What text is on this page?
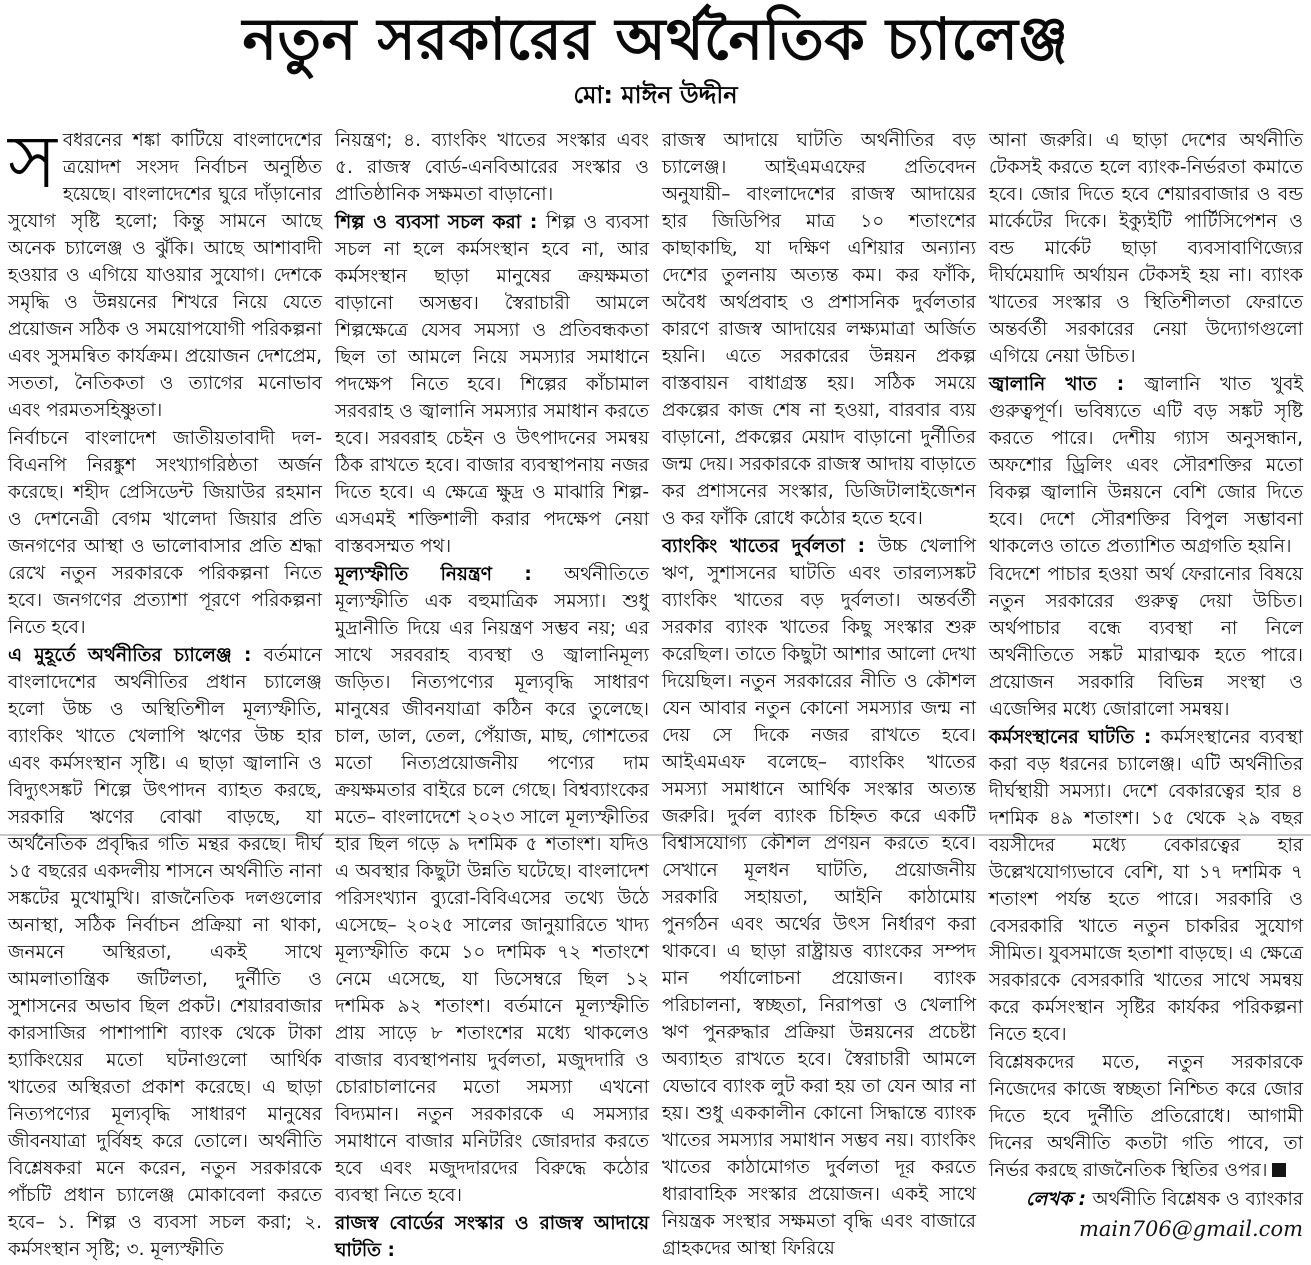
নতুন সরকারের অর্থনৈতিক চ্যালেঞ্জ
মো: মাঈন উদ্দীন

সবধরনের শঙ্কা কাটিয়ে বাংলাদেশের ত্রয়োদশ সংসদ নির্বাচন অনুষ্ঠিত হয়েছে। বাংলাদেশের ঘুরে দাঁড়ানোর সুযোগ সৃষ্টি হলো; কিন্তু সামনে আছে অনেক চ্যালেঞ্জ ও ঝুঁকি। আছে আশাবাদী হওয়ার ও এগিয়ে যাওয়ার সুযোগ। দেশকে সমৃদ্ধি ও উন্নয়নের শিখরে নিয়ে যেতে প্রয়োজন সঠিক ও সময়োপযোগী পরিকল্পনা এবং সুসমন্বিত কার্যক্রম। প্রয়োজন দেশপ্রেম, সততা, নৈতিকতা ও ত্যাগের মনোভাব এবং পরমতসহিষ্ণুতা।

নির্বাচনে বাংলাদেশ জাতীয়তাবাদী দল-বিএনপি নিরঙ্কুশ সংখ্যাগরিষ্ঠতা অর্জন করেছে। শহীদ প্রেসিডেন্ট জিয়াউর রহমান ও দেশনেত্রী বেগম খালেদা জিয়ার প্রতি জনগণের আস্থা ও ভালোবাসার প্রতি শ্রদ্ধা রেখে নতুন সরকারকে পরিকল্পনা নিতে হবে। জনগণের প্রত্যাশা পূরণে পরিকল্পনা নিতে হবে।

এ মুহূর্তে অর্থনীতির চ্যালেঞ্জ : বর্তমানে বাংলাদেশের অর্থনীতির প্রধান চ্যালেঞ্জ হলো উচ্চ ও অস্থিতিশীল মূল্যস্ফীতি, ব্যাংকিং খাতে খেলাপি ঋণের উচ্চ হার এবং কর্মসংস্থান সৃষ্টি। এ ছাড়া জ্বালানি ও বিদ্যুৎসঙ্কট শিল্পে উৎপাদন ব্যাহত করছে, সরকারি ঋণের বোঝা বাড়ছে, যা অর্থনৈতিক প্রবৃদ্ধির গতি মন্থর করছে। দীর্ঘ ১৫ বছরের একদলীয় শাসনে অর্থনীতি নানা সঙ্কটের মুখোমুখি। রাজনৈতিক দলগুলোর অনাস্থা, সঠিক নির্বাচন প্রক্রিয়া না থাকা, জনমনে অস্থিরতা, একই সাথে আমলাতান্ত্রিক জটিলতা, দুর্নীতি ও সুশাসনের অভাব ছিল প্রকট। শেয়ারবাজার কারসাজির পাশাপাশি ব্যাংক থেকে টাকা হ্যাকিংয়ের মতো ঘটনাগুলো আর্থিক খাতের অস্থিরতা প্রকাশ করেছে। এ ছাড়া নিত্যপণ্যের মূল্যবৃদ্ধি সাধারণ মানুষের জীবনযাত্রা দুর্বিষহ করে তোলে। অর্থনীতি বিশ্লেষকরা মনে করেন, নতুন সরকারকে পাঁচটি প্রধান চ্যালেঞ্জ মোকাবেলা করতে হবে– ১. শিল্প ও ব্যবসা সচল করা; ২. কর্মসংস্থান সৃষ্টি; ৩. মূল্যস্ফীতি

নিয়ন্ত্রণ; ৪. ব্যাংকিং খাতের সংস্কার এবং ৫. রাজস্ব বোর্ড-এনবিআরের সংস্কার ও প্রাতিষ্ঠানিক সক্ষমতা বাড়ানো।

শিল্প ও ব্যবসা সচল করা : শিল্প ও ব্যবসা সচল না হলে কর্মসংস্থান হবে না, আর কর্মসংস্থান ছাড়া মানুষের ক্রয়ক্ষমতা বাড়ানো অসম্ভব। স্বৈরাচারী আমলে শিল্পক্ষেত্রে যেসব সমস্যা ও প্রতিবন্ধকতা ছিল তা আমলে নিয়ে সমস্যার সমাধানে পদক্ষেপ নিতে হবে। শিল্পের কাঁচামাল সরবরাহ ও জ্বালানি সমস্যার সমাধান করতে হবে। সরবরাহ চেইন ও উৎপাদনের সমন্বয় ঠিক রাখতে হবে। বাজার ব্যবস্থাপনায় নজর দিতে হবে। এ ক্ষেত্রে ক্ষুদ্র ও মাঝারি শিল্প-এসএমই শক্তিশালী করার পদক্ষেপ নেয়া বাস্তবসম্মত পথ।

মূল্যস্ফীতি নিয়ন্ত্রণ : অর্থনীতিতে মূল্যস্ফীতি এক বহুমাত্রিক সমস্যা। শুধু মুদ্রানীতি দিয়ে এর নিয়ন্ত্রণ সম্ভব নয়; এর সাথে সরবরাহ ব্যবস্থা ও জ্বালানিমূল্য জড়িত। নিত্যপণ্যের মূল্যবৃদ্ধি সাধারণ মানুষের জীবনযাত্রা কঠিন করে তুলেছে। চাল, ডাল, তেল, পেঁয়াজ, মাছ, গোশতের মতো নিত্যপ্রয়োজনীয় পণ্যের দাম ক্রয়ক্ষমতার বাইরে চলে গেছে। বিশ্বব্যাংকের মতে– বাংলাদেশে ২০২৩ সালে মূল্যস্ফীতির হার ছিল গড়ে ৯ দশমিক ৫ শতাংশ। যদিও এ অবস্থার কিছুটা উন্নতি ঘটেছে। বাংলাদেশ পরিসংখ্যান ব্যুরো-বিবিএসের তথ্যে উঠে এসেছে– ২০২৫ সালের জানুয়ারিতে খাদ্য মূল্যস্ফীতি কমে ১০ দশমিক ৭২ শতাংশে নেমে এসেছে, যা ডিসেম্বরে ছিল ১২ দশমিক ৯২ শতাংশ। বর্তমানে মূল্যস্ফীতি প্রায় সাড়ে ৮ শতাংশের মধ্যে থাকলেও বাজার ব্যবস্থাপনায় দুর্বলতা, মজুদদারি ও চোরাচালানের মতো সমস্যা এখনো বিদ্যমান। নতুন সরকারকে এ সমস্যার সমাধানে বাজার মনিটরিং জোরদার করতে হবে এবং মজুদদারদের বিরুদ্ধে কঠোর ব্যবস্থা নিতে হবে।

রাজস্ব বোর্ডের সংস্কার ও রাজস্ব আদায়ে ঘাটতি :

রাজস্ব আদায়ে ঘাটতি অর্থনীতির বড় চ্যালেঞ্জ। আইএমএফের প্রতিবেদন অনুযায়ী– বাংলাদেশের রাজস্ব আদায়ের হার জিডিপির মাত্র ১০ শতাংশের কাছাকাছি, যা দক্ষিণ এশিয়ার অন্যান্য দেশের তুলনায় অত্যন্ত কম। কর ফাঁকি, অবৈধ অর্থপ্রবাহ ও প্রশাসনিক দুর্বলতার কারণে রাজস্ব আদায়ের লক্ষ্যমাত্রা অর্জিত হয়নি। এতে সরকারের উন্নয়ন প্রকল্প বাস্তবায়ন বাধাগ্রস্ত হয়। সঠিক সময়ে প্রকল্পের কাজ শেষ না হওয়া, বারবার ব্যয় বাড়ানো, প্রকল্পের মেয়াদ বাড়ানো দুর্নীতির জন্ম দেয়। সরকারকে রাজস্ব আদায় বাড়াতে কর প্রশাসনের সংস্কার, ডিজিটালাইজেশন ও কর ফাঁকি রোধে কঠোর হতে হবে।

ব্যাংকিং খাতের দুর্বলতা : উচ্চ খেলাপি ঋণ, সুশাসনের ঘাটতি এবং তারল্যসঙ্কট ব্যাংকিং খাতের বড় দুর্বলতা। অন্তর্বর্তী সরকার ব্যাংক খাতের কিছু সংস্কার শুরু করেছিল। তাতে কিছুটা আশার আলো দেখা দিয়েছিল। নতুন সরকারের নীতি ও কৌশল যেন আবার নতুন কোনো সমস্যার জন্ম না দেয় সে দিকে নজর রাখতে হবে। আইএমএফ বলেছে– ব্যাংকিং খাতের সমস্যা সমাধানে আর্থিক সংস্কার অত্যন্ত জরুরি। দুর্বল ব্যাংক চিহ্নিত করে একটি বিশ্বাসযোগ্য কৌশল প্রণয়ন করতে হবে। সেখানে মূলধন ঘাটতি, প্রয়োজনীয় সরকারি সহায়তা, আইনি কাঠামোয় পুনর্গঠন এবং অর্থের উৎস নির্ধারণ করা থাকবে। এ ছাড়া রাষ্ট্রায়ত্ত ব্যাংকের সম্পদ মান পর্যালোচনা প্রয়োজন। ব্যাংক পরিচালনা, স্বচ্ছতা, নিরাপত্তা ও খেলাপি ঋণ পুনরুদ্ধার প্রক্রিয়া উন্নয়নের প্রচেষ্টা অব্যাহত রাখতে হবে। স্বৈরাচারী আমলে যেভাবে ব্যাংক লুট করা হয় তা যেন আর না হয়। শুধু এককালীন কোনো সিদ্ধান্তে ব্যাংক খাতের সমস্যার সমাধান সম্ভব নয়। ব্যাংকিং খাতের কাঠামোগত দুর্বলতা দূর করতে ধারাবাহিক সংস্কার প্রয়োজন। একই সাথে নিয়ন্ত্রক সংস্থার সক্ষমতা বৃদ্ধি এবং বাজারে গ্রাহকদের আস্থা ফিরিয়ে

আনা জরুরি। এ ছাড়া দেশের অর্থনীতি টেকসই করতে হলে ব্যাংক-নির্ভরতা কমাতে হবে। জোর দিতে হবে শেয়ারবাজার ও বন্ড মার্কেটের দিকে। ইক্যুইটি পার্টিসিপেশন ও বন্ড মার্কেট ছাড়া ব্যবসাবাণিজ্যের দীর্ঘমেয়াদি অর্থায়ন টেকসই হয় না। ব্যাংক খাতের সংস্কার ও স্থিতিশীলতা ফেরাতে অন্তর্বর্তী সরকারের নেয়া উদ্যোগগুলো এগিয়ে নেয়া উচিত।

জ্বালানি খাত : জ্বালানি খাত খুবই গুরুত্বপূর্ণ। ভবিষ্যতে এটি বড় সঙ্কট সৃষ্টি করতে পারে। দেশীয় গ্যাস অনুসন্ধান, অফশোর ড্রিলিং এবং সৌরশক্তির মতো বিকল্প জ্বালানি উন্নয়নে বেশি জোর দিতে হবে। দেশে সৌরশক্তির বিপুল সম্ভাবনা থাকলেও তাতে প্রত্যাশিত অগ্রগতি হয়নি।

বিদেশে পাচার হওয়া অর্থ ফেরানোর বিষয়ে নতুন সরকারের গুরুত্ব দেয়া উচিত। অর্থপাচার বন্ধে ব্যবস্থা না নিলে অর্থনীতিতে সঙ্কট মারাত্মক হতে পারে। প্রয়োজন সরকারি বিভিন্ন সংস্থা ও এজেন্সির মধ্যে জোরালো সমন্বয়।

কর্মসংস্থানের ঘাটতি : কর্মসংস্থানের ব্যবস্থা করা বড় ধরনের চ্যালেঞ্জ। এটি অর্থনীতির দীর্ঘস্থায়ী সমস্যা। দেশে বেকারত্বের হার ৪ দশমিক ৪৯ শতাংশ। ১৫ থেকে ২৯ বছর বয়সীদের মধ্যে বেকারত্বের হার উল্লেখযোগ্যভাবে বেশি, যা ১৭ দশমিক ৭ শতাংশ পর্যন্ত হতে পারে। সরকারি ও বেসরকারি খাতে নতুন চাকরির সুযোগ সীমিত। যুবসমাজে হতাশা বাড়ছে। এ ক্ষেত্রে সরকারকে বেসরকারি খাতের সাথে সমন্বয় করে কর্মসংস্থান সৃষ্টির কার্যকর পরিকল্পনা নিতে হবে।

বিশ্লেষকদের মতে, নতুন সরকারকে নিজেদের কাজে স্বচ্ছতা নিশ্চিত করে জোর দিতে হবে দুর্নীতি প্রতিরোধে। আগামী দিনের অর্থনীতি কতটা গতি পাবে, তা নির্ভর করছে রাজনৈতিক স্থিতির ওপর।

লেখক : অর্থনীতি বিশ্লেষক ও ব্যাংকার

main706@gmail.com
